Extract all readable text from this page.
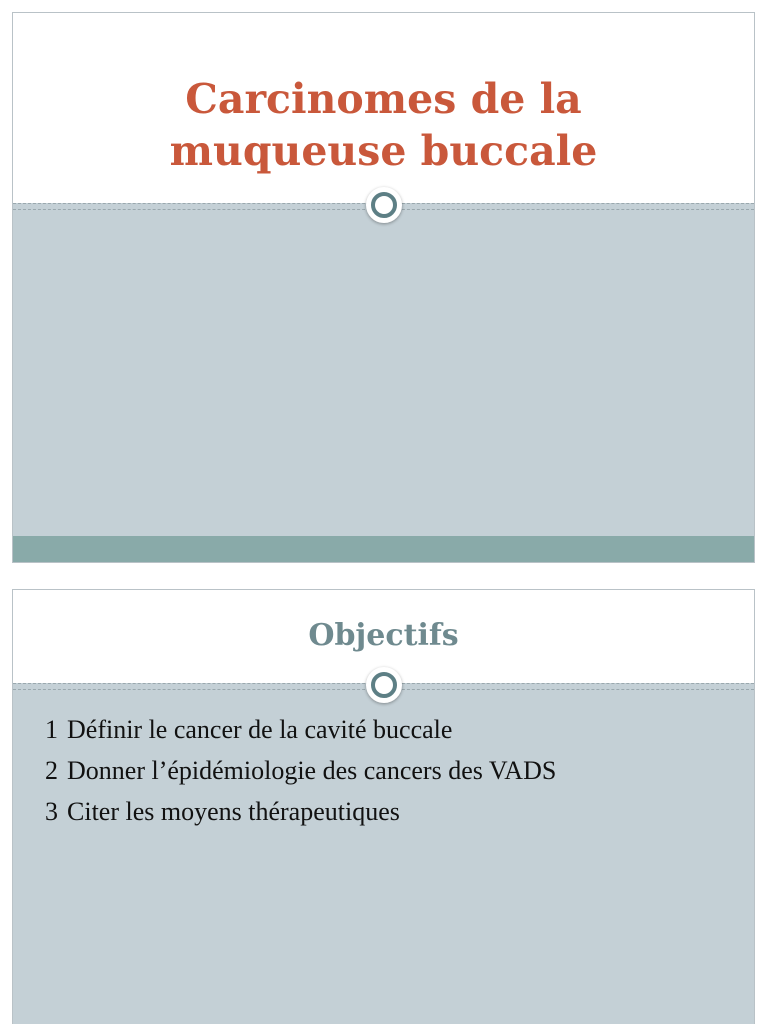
Carcinomes de la
muqueuse buccale
Objectifs
1 Définir le cancer de la cavité buccale
2 Donner l’épidémiologie des cancers des VADS
3 Citer les moyens thérapeutiques
